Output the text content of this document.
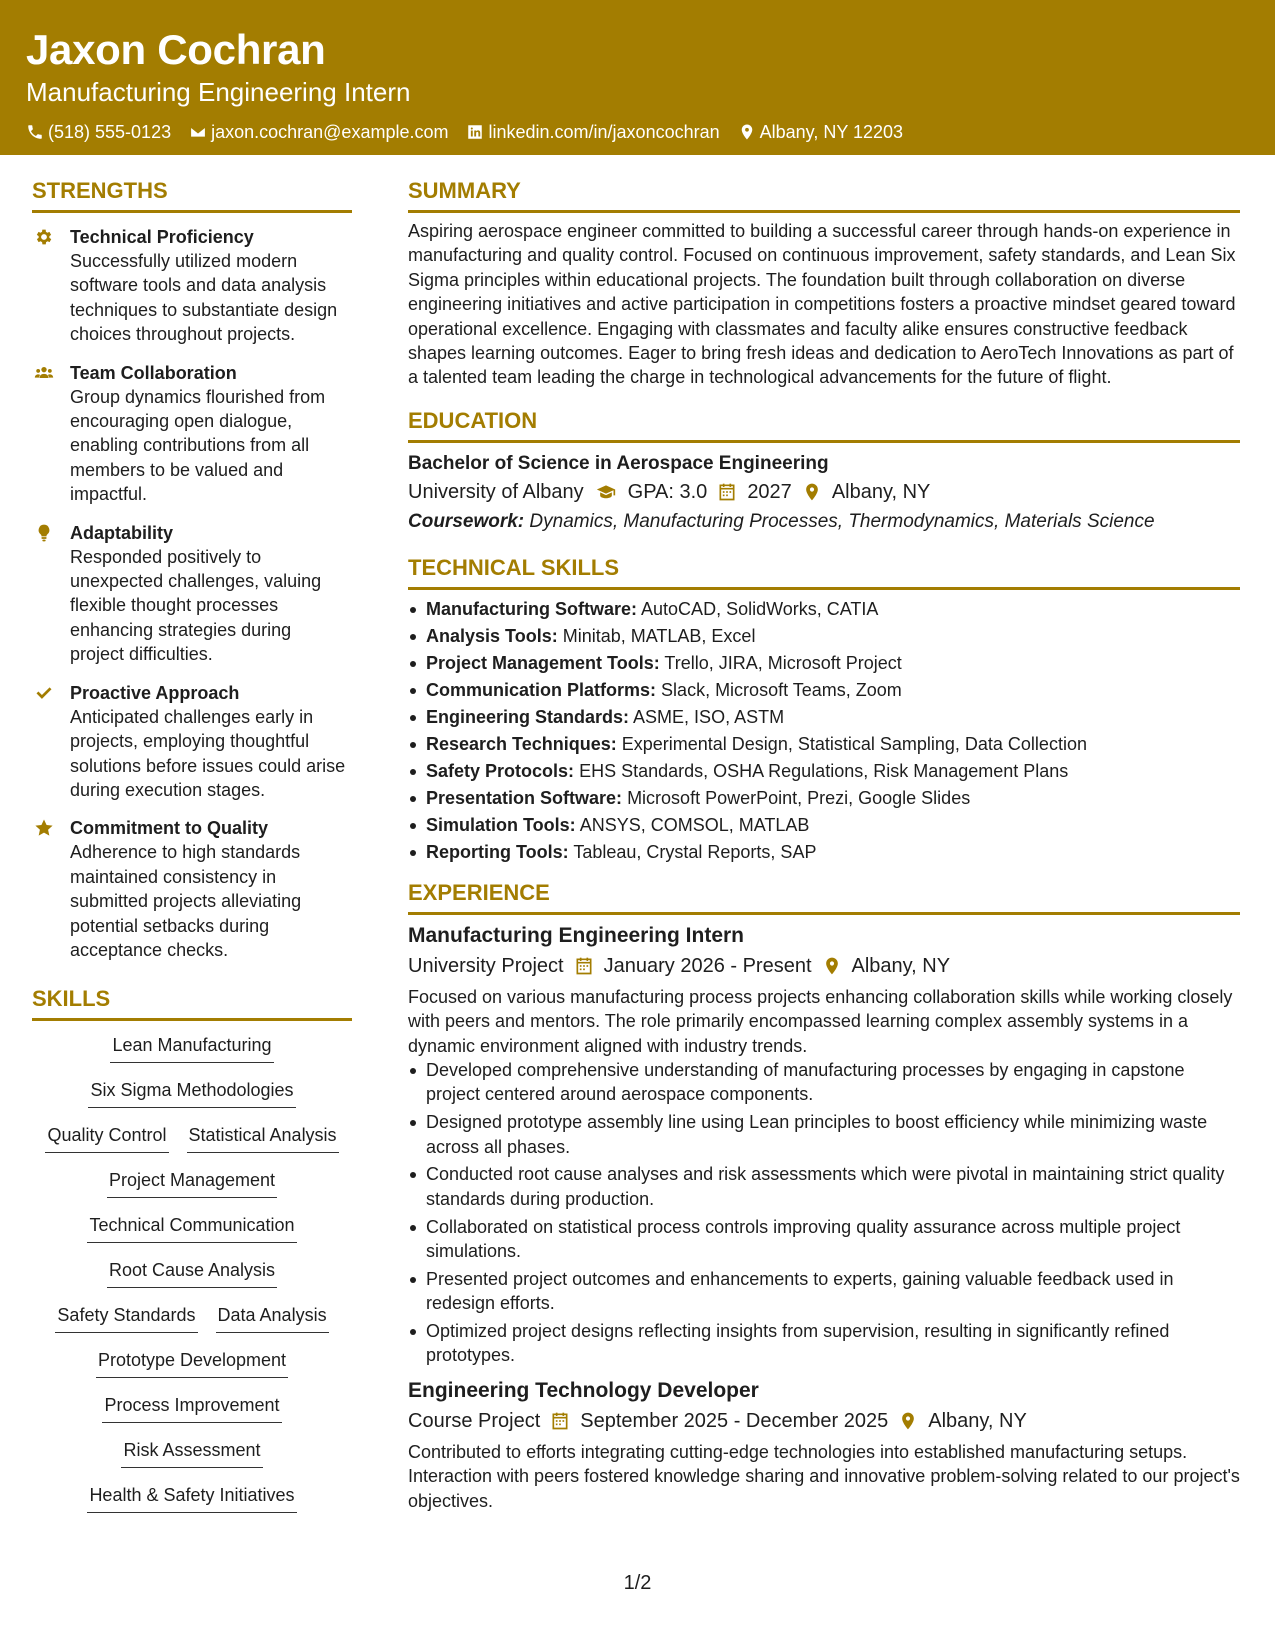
Jaxon Cochran
Manufacturing Engineering Intern
(518) 555-0123 jaxon.cochran@example.com linkedin.com/in/jaxoncochran Albany, NY 12203
STRENGTHS
Technical Proficiency
Successfully utilized modern software tools and data analysis techniques to substantiate design choices throughout projects.
Team Collaboration
Group dynamics flourished from encouraging open dialogue, enabling contributions from all members to be valued and impactful.
Adaptability
Responded positively to unexpected challenges, valuing flexible thought processes enhancing strategies during project difficulties.
Proactive Approach
Anticipated challenges early in projects, employing thoughtful solutions before issues could arise during execution stages.
Commitment to Quality
Adherence to high standards maintained consistency in submitted projects alleviating potential setbacks during acceptance checks.
SKILLS
Lean Manufacturing
Six Sigma Methodologies
Quality Control Statistical Analysis
Project Management
Technical Communication
Root Cause Analysis
Safety Standards Data Analysis
Prototype Development
Process Improvement
Risk Assessment
Health & Safety Initiatives
SUMMARY
Aspiring aerospace engineer committed to building a successful career through hands-on experience in manufacturing and quality control. Focused on continuous improvement, safety standards, and Lean Six Sigma principles within educational projects. The foundation built through collaboration on diverse engineering initiatives and active participation in competitions fosters a proactive mindset geared toward operational excellence. Engaging with classmates and faculty alike ensures constructive feedback shapes learning outcomes. Eager to bring fresh ideas and dedication to AeroTech Innovations as part of a talented team leading the charge in technological advancements for the future of flight.
EDUCATION
Bachelor of Science in Aerospace Engineering
University of Albany GPA: 3.0 2027 Albany, NY
Coursework: Dynamics, Manufacturing Processes, Thermodynamics, Materials Science
TECHNICAL SKILLS
Manufacturing Software: AutoCAD, SolidWorks, CATIA
Analysis Tools: Minitab, MATLAB, Excel
Project Management Tools: Trello, JIRA, Microsoft Project
Communication Platforms: Slack, Microsoft Teams, Zoom
Engineering Standards: ASME, ISO, ASTM
Research Techniques: Experimental Design, Statistical Sampling, Data Collection
Safety Protocols: EHS Standards, OSHA Regulations, Risk Management Plans
Presentation Software: Microsoft PowerPoint, Prezi, Google Slides
Simulation Tools: ANSYS, COMSOL, MATLAB
Reporting Tools: Tableau, Crystal Reports, SAP
EXPERIENCE
Manufacturing Engineering Intern
University Project January 2026 - Present Albany, NY
Focused on various manufacturing process projects enhancing collaboration skills while working closely with peers and mentors. The role primarily encompassed learning complex assembly systems in a dynamic environment aligned with industry trends.
Developed comprehensive understanding of manufacturing processes by engaging in capstone project centered around aerospace components.
Designed prototype assembly line using Lean principles to boost efficiency while minimizing waste across all phases.
Conducted root cause analyses and risk assessments which were pivotal in maintaining strict quality standards during production.
Collaborated on statistical process controls improving quality assurance across multiple project simulations.
Presented project outcomes and enhancements to experts, gaining valuable feedback used in redesign efforts.
Optimized project designs reflecting insights from supervision, resulting in significantly refined prototypes.
Engineering Technology Developer
Course Project September 2025 - December 2025 Albany, NY
Contributed to efforts integrating cutting-edge technologies into established manufacturing setups. Interaction with peers fostered knowledge sharing and innovative problem-solving related to our project's objectives.
1/2
